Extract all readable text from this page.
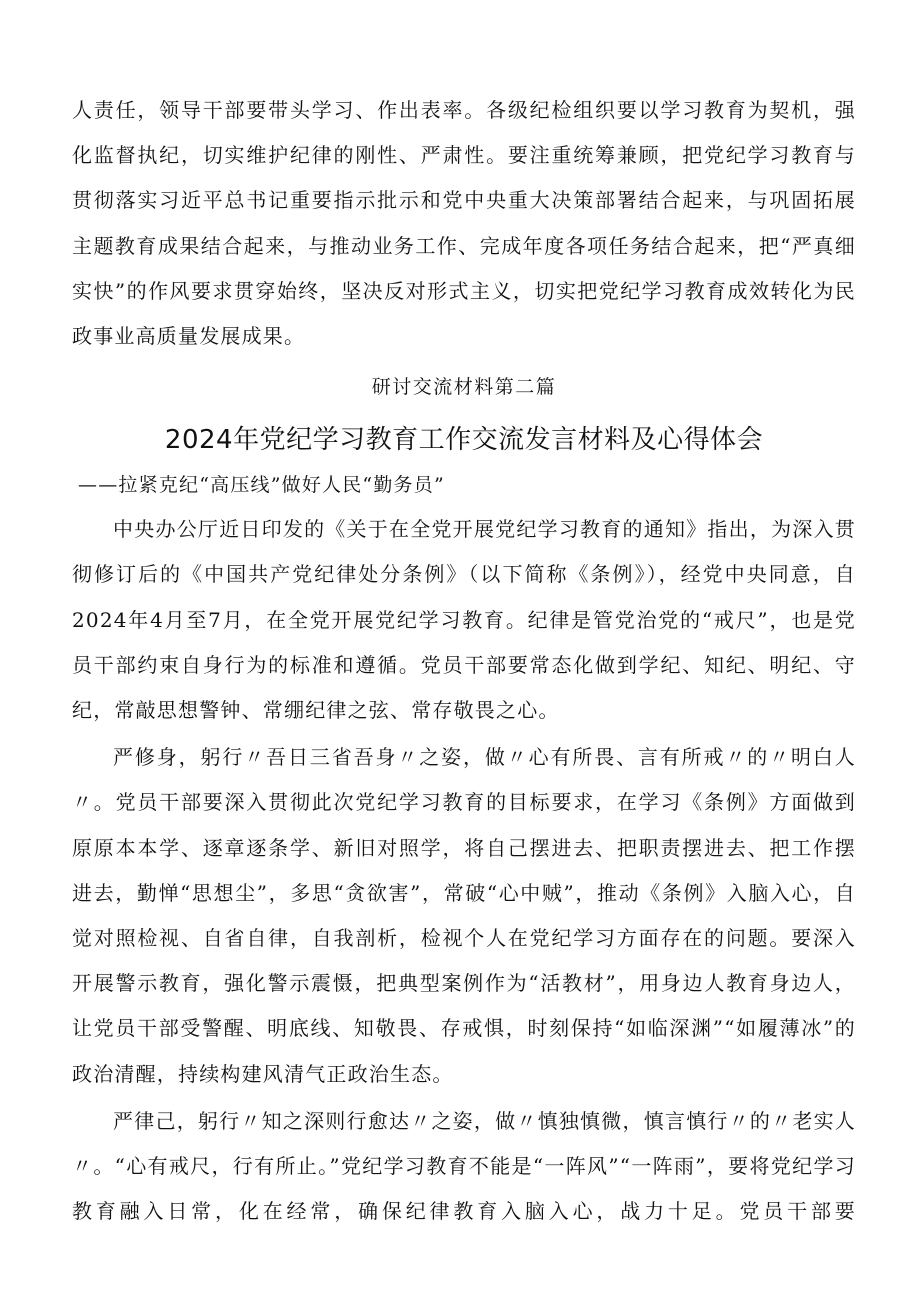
人责任，领导干部要带头学习、作出表率。各级纪检组织要以学习教育为契机，强化监督执纪，切实维护纪律的刚性、严肃性。要注重统筹兼顾，把党纪学习教育与贯彻落实习近平总书记重要指示批示和党中央重大决策部署结合起来，与巩固拓展主题教育成果结合起来，与推动业务工作、完成年度各项任务结合起来，把“严真细实快”的作风要求贯穿始终，坚决反对形式主义，切实把党纪学习教育成效转化为民政事业高质量发展成果。

研讨交流材料第二篇

2024年党纪学习教育工作交流发言材料及心得体会

——拉紧克纪“高压线”做好人民“勤务员”

中央办公厅近日印发的《关于在全党开展党纪学习教育的通知》指出，为深入贯彻修订后的《中国共产党纪律处分条例》（以下简称《条例》），经党中央同意，自2024年4月至7月，在全党开展党纪学习教育。纪律是管党治党的“戒尺”，也是党员干部约束自身行为的标准和遵循。党员干部要常态化做到学纪、知纪、明纪、守纪，常敲思想警钟、常绷纪律之弦、常存敬畏之心。

严修身，躬行〃吾日三省吾身〃之姿，做〃心有所畏、言有所戒〃的〃明白人〃。党员干部要深入贯彻此次党纪学习教育的目标要求，在学习《条例》方面做到原原本本学、逐章逐条学、新旧对照学，将自己摆进去、把职责摆进去、把工作摆进去，勤惮“思想尘”，多思“贪欲害”，常破“心中贼”，推动《条例》入脑入心，自觉对照检视、自省自律，自我剖析，检视个人在党纪学习方面存在的问题。要深入开展警示教育，强化警示震慑，把典型案例作为“活教材”，用身边人教育身边人，让党员干部受警醒、明底线、知敬畏、存戒惧，时刻保持“如临深渊”“如履薄冰”的政治清醒，持续构建风清气正政治生态。

严律己，躬行〃知之深则行愈达〃之姿，做〃慎独慎微，慎言慎行〃的〃老实人〃。“心有戒尺，行有所止。”党纪学习教育不能是“一阵风”“一阵雨”，要将党纪学习教育融入日常，化在经常，确保纪律教育入脑入心，战力十足。党员干部要
